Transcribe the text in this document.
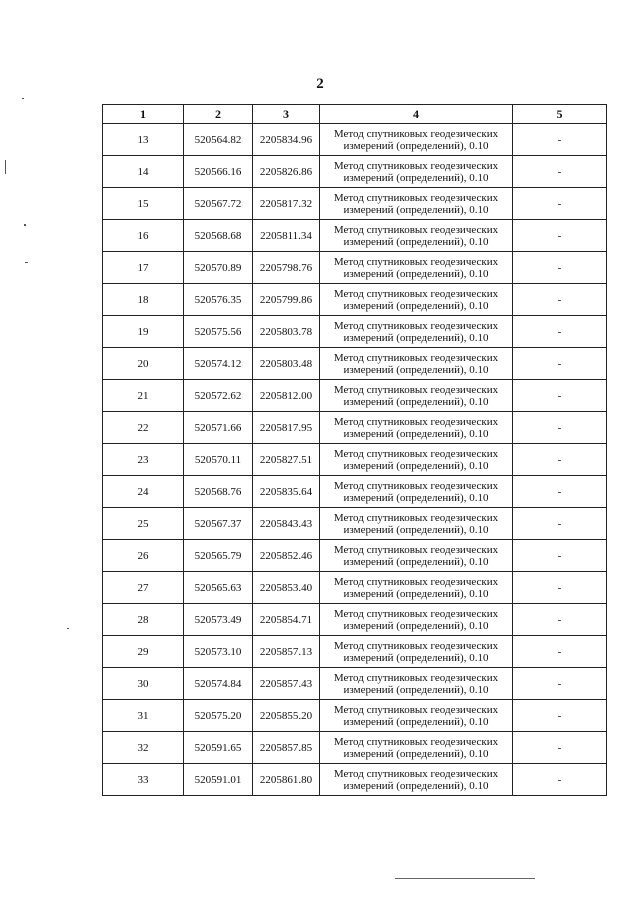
2
1	2	3	4	5
13	520564.82	2205834.96	Метод спутниковых геодезических измерений (определений), 0.10	-
14	520566.16	2205826.86	Метод спутниковых геодезических измерений (определений), 0.10	-
15	520567.72	2205817.32	Метод спутниковых геодезических измерений (определений), 0.10	-
16	520568.68	2205811.34	Метод спутниковых геодезических измерений (определений), 0.10	-
17	520570.89	2205798.76	Метод спутниковых геодезических измерений (определений), 0.10	-
18	520576.35	2205799.86	Метод спутниковых геодезических измерений (определений), 0.10	-
19	520575.56	2205803.78	Метод спутниковых геодезических измерений (определений), 0.10	-
20	520574.12	2205803.48	Метод спутниковых геодезических измерений (определений), 0.10	-
21	520572.62	2205812.00	Метод спутниковых геодезических измерений (определений), 0.10	-
22	520571.66	2205817.95	Метод спутниковых геодезических измерений (определений), 0.10	-
23	520570.11	2205827.51	Метод спутниковых геодезических измерений (определений), 0.10	-
24	520568.76	2205835.64	Метод спутниковых геодезических измерений (определений), 0.10	-
25	520567.37	2205843.43	Метод спутниковых геодезических измерений (определений), 0.10	-
26	520565.79	2205852.46	Метод спутниковых геодезических измерений (определений), 0.10	-
27	520565.63	2205853.40	Метод спутниковых геодезических измерений (определений), 0.10	-
28	520573.49	2205854.71	Метод спутниковых геодезических измерений (определений), 0.10	-
29	520573.10	2205857.13	Метод спутниковых геодезических измерений (определений), 0.10	-
30	520574.84	2205857.43	Метод спутниковых геодезических измерений (определений), 0.10	-
31	520575.20	2205855.20	Метод спутниковых геодезических измерений (определений), 0.10	-
32	520591.65	2205857.85	Метод спутниковых геодезических измерений (определений), 0.10	-
33	520591.01	2205861.80	Метод спутниковых геодезических измерений (определений), 0.10	-
